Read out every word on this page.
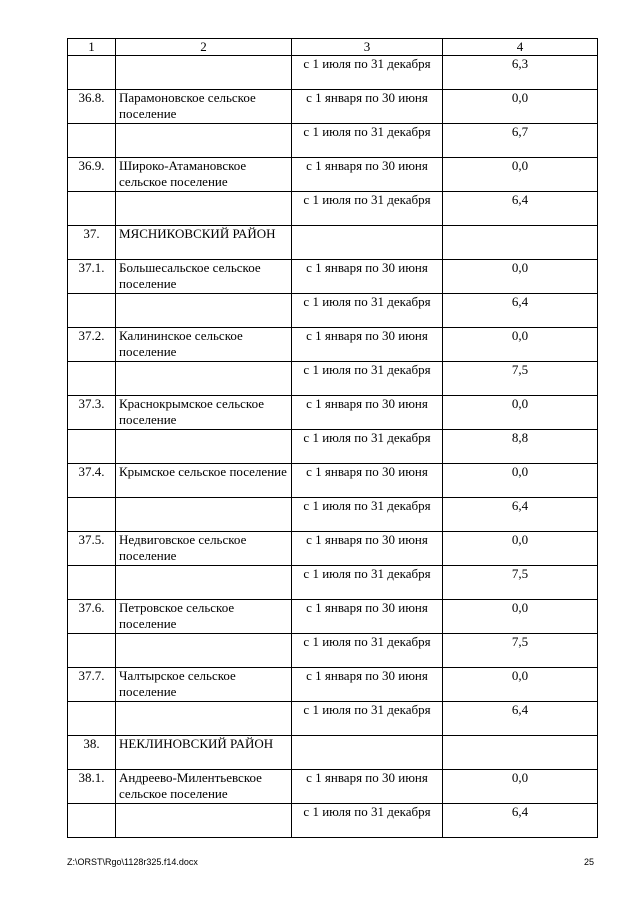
1	2	3	4
		с 1 июля по 31 декабря	6,3
36.8.	Парамоновское сельское поселение	с 1 января по 30 июня	0,0
		с 1 июля по 31 декабря	6,7
36.9.	Широко-Атамановское сельское поселение	с 1 января по 30 июня	0,0
		с 1 июля по 31 декабря	6,4
37.	МЯСНИКОВСКИЙ РАЙОН		
37.1.	Большесальское сельское поселение	с 1 января по 30 июня	0,0
		с 1 июля по 31 декабря	6,4
37.2.	Калининское сельское поселение	с 1 января по 30 июня	0,0
		с 1 июля по 31 декабря	7,5
37.3.	Краснокрымское сельское поселение	с 1 января по 30 июня	0,0
		с 1 июля по 31 декабря	8,8
37.4.	Крымское сельское поселение	с 1 января по 30 июня	0,0
		с 1 июля по 31 декабря	6,4
37.5.	Недвиговское сельское поселение	с 1 января по 30 июня	0,0
		с 1 июля по 31 декабря	7,5
37.6.	Петровское сельское поселение	с 1 января по 30 июня	0,0
		с 1 июля по 31 декабря	7,5
37.7.	Чалтырское сельское поселение	с 1 января по 30 июня	0,0
		с 1 июля по 31 декабря	6,4
38.	НЕКЛИНОВСКИЙ РАЙОН		
38.1.	Андреево-Милентьевское сельское поселение	с 1 января по 30 июня	0,0
		с 1 июля по 31 декабря	6,4
Z:\ORST\Rgo\1128r325.f14.docx	25
